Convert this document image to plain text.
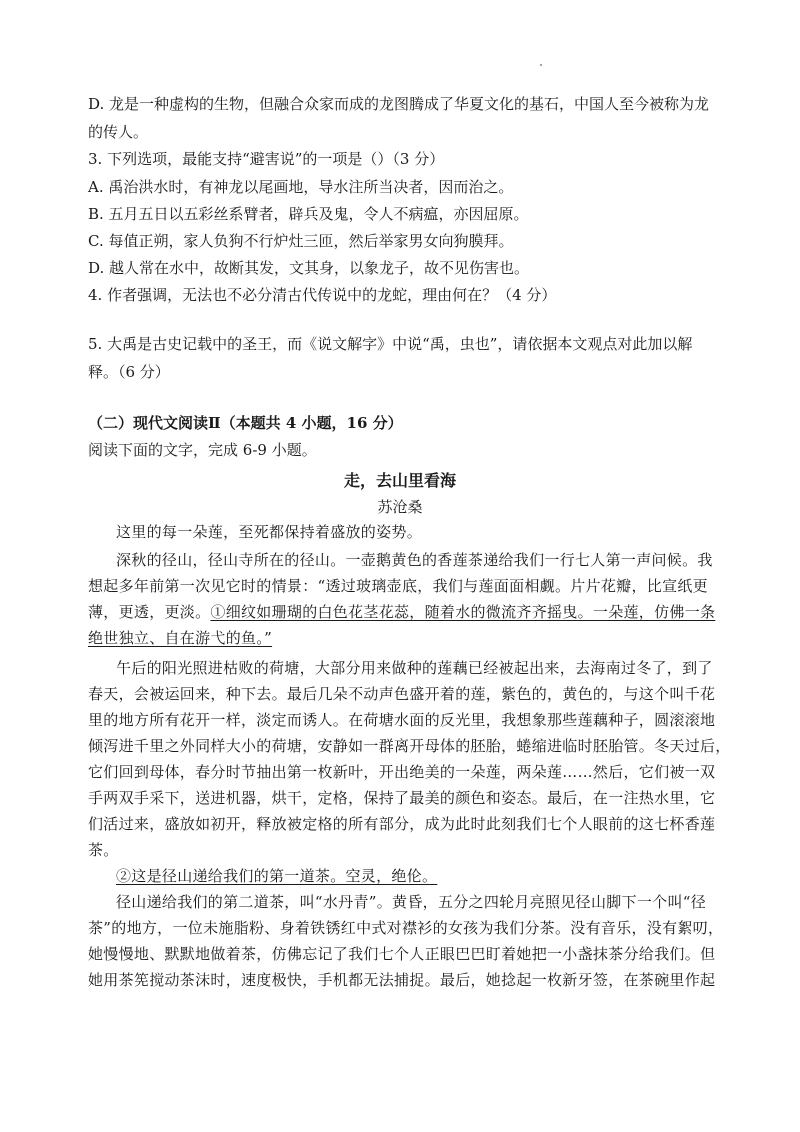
D. 龙是一种虚构的生物，但融合众家而成的龙图腾成了华夏文化的基石，中国人至今被称为龙
的传人。
3. 下列选项，最能支持“避害说”的一项是（）（3 分）
A. 禹治洪水时，有神龙以尾画地，导水注所当决者，因而治之。
B. 五月五日以五彩丝系臂者，辟兵及鬼，令人不病瘟，亦因屈原。
C. 每值正朔，家人负狗不行炉灶三匝，然后举家男女向狗膜拜。
D. 越人常在水中，故断其发，文其身，以象龙子，故不见伤害也。
4. 作者强调，无法也不必分清古代传说中的龙蛇，理由何在？（4 分）
5. 大禹是古史记载中的圣王，而《说文解字》中说“禹，虫也”，请依据本文观点对此加以解
释。（6 分）
（二）现代文阅读Ⅱ（本题共 4 小题，16 分）
阅读下面的文字，完成 6-9 小题。
走，去山里看海
苏沧桑
这里的每一朵莲，至死都保持着盛放的姿势。
深秋的径山，径山寺所在的径山。一壶鹅黄色的香莲茶递给我们一行七人第一声问候。我
想起多年前第一次见它时的情景：“透过玻璃壶底，我们与莲面面相觑。片片花瓣，比宣纸更
薄，更透，更淡。①细纹如珊瑚的白色花茎花蕊，随着水的微流齐齐摇曳。一朵莲，仿佛一条
绝世独立、自在游弋的鱼。”
午后的阳光照进枯败的荷塘，大部分用来做种的莲藕已经被起出来，去海南过冬了，到了
春天，会被运回来，种下去。最后几朵不动声色盛开着的莲，紫色的，黄色的，与这个叫千花
里的地方所有花开一样，淡定而诱人。在荷塘水面的反光里，我想象那些莲藕种子，圆滚滚地
倾泻进千里之外同样大小的荷塘，安静如一群离开母体的胚胎，蜷缩进临时胚胎管。冬天过后，
它们回到母体，春分时节抽出第一枚新叶，开出绝美的一朵莲，两朵莲……然后，它们被一双
手两双手采下，送进机器，烘干，定格，保持了最美的颜色和姿态。最后，在一注热水里，它
们活过来，盛放如初开，释放被定格的所有部分，成为此时此刻我们七个人眼前的这七杯香莲
茶。
②这是径山递给我们的第一道茶。空灵，绝伦。
径山递给我们的第二道茶，叫“水丹青”。黄昏，五分之四轮月亮照见径山脚下一个叫“径
茶”的地方，一位未施脂粉、身着铁锈红中式对襟衫的女孩为我们分茶。没有音乐，没有絮叨，
她慢慢地、默默地做着茶，仿佛忘记了我们七个人正眼巴巴盯着她把一小盏抹茶分给我们。但
她用茶筅搅动茶沫时，速度极快，手机都无法捕捉。最后，她捻起一枚新牙签，在茶碗里作起
